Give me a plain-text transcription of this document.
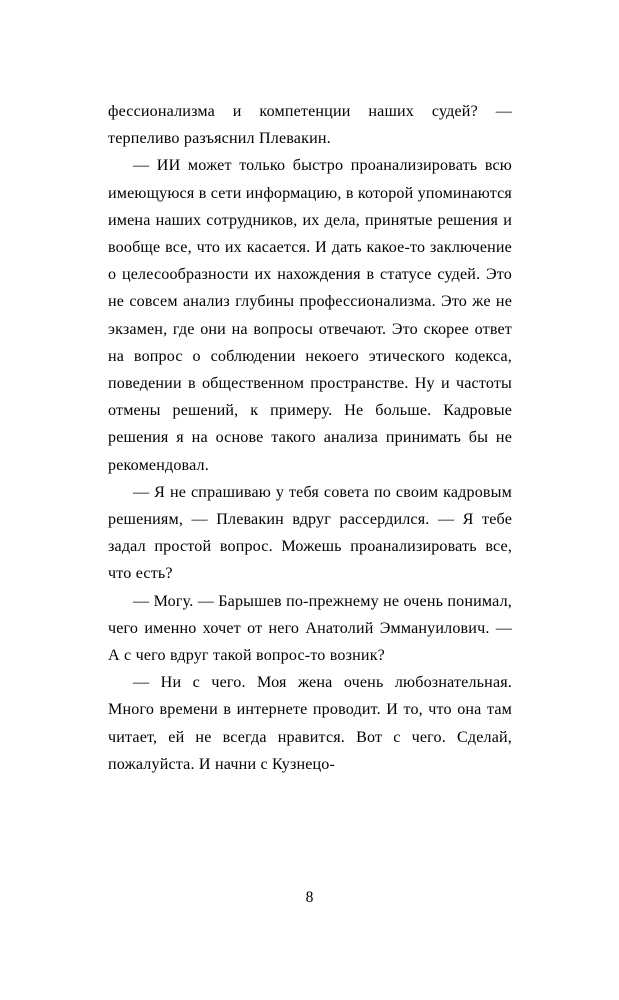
фессионализма и компетенции наших судей? — терпеливо разъяснил Плевакин.

— ИИ может только быстро проанализировать всю имеющуюся в сети информацию, в которой упоминаются имена наших сотрудников, их дела, принятые решения и вообще все, что их касается. И дать какое-то заключение о целесообразности их нахождения в статусе судей. Это не совсем анализ глубины профессионализма. Это же не экзамен, где они на вопросы отвечают. Это скорее ответ на вопрос о соблюдении некоего этического кодекса, поведении в общественном пространстве. Ну и частоты отмены решений, к примеру. Не больше. Кадровые решения я на основе такого анализа принимать бы не рекомендовал.

— Я не спрашиваю у тебя совета по своим кадровым решениям, — Плевакин вдруг рассердился. — Я тебе задал простой вопрос. Можешь проанализировать все, что есть?

— Могу. — Барышев по-прежнему не очень понимал, чего именно хочет от него Анатолий Эммануилович. — А с чего вдруг такой вопрос-то возник?

— Ни с чего. Моя жена очень любознательная. Много времени в интернете проводит. И то, что она там читает, ей не всегда нравится. Вот с чего. Сделай, пожалуйста. И начни с Кузнецо-

8
